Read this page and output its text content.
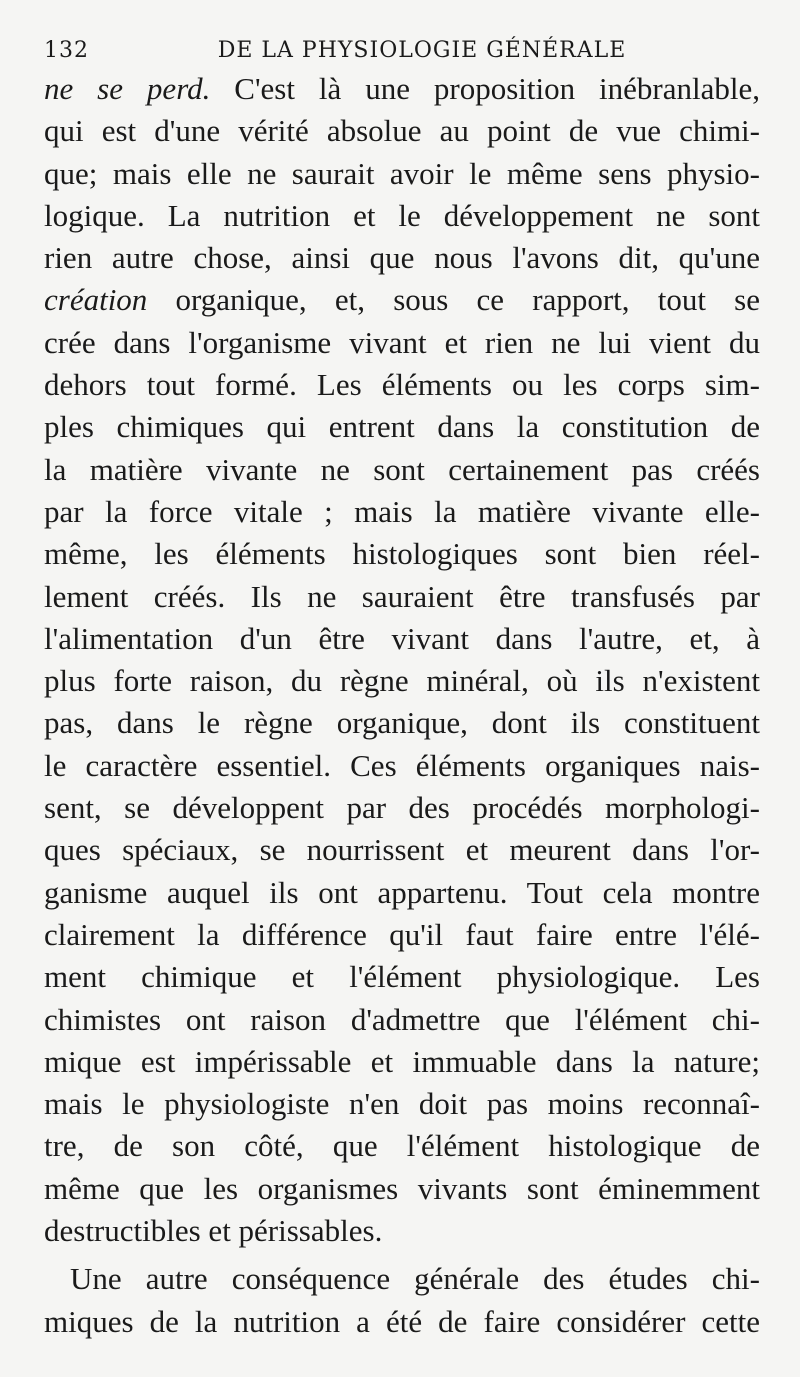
132	DE LA PHYSIOLOGIE GÉNÉRALE
ne se perd. C'est là une proposition inébranlable,
qui est d'une vérité absolue au point de vue chimi-
que; mais elle ne saurait avoir le même sens physio-
logique. La nutrition et le développement ne sont
rien autre chose, ainsi que nous l'avons dit, qu'une
création organique, et, sous ce rapport, tout se
crée dans l'organisme vivant et rien ne lui vient du
dehors tout formé. Les éléments ou les corps sim-
ples chimiques qui entrent dans la constitution de
la matière vivante ne sont certainement pas créés
par la force vitale ; mais la matière vivante elle-
même, les éléments histologiques sont bien réel-
lement créés. Ils ne sauraient être transfusés par
l'alimentation d'un être vivant dans l'autre, et, à
plus forte raison, du règne minéral, où ils n'existent
pas, dans le règne organique, dont ils constituent
le caractère essentiel. Ces éléments organiques nais-
sent, se développent par des procédés morphologi-
ques spéciaux, se nourrissent et meurent dans l'or-
ganisme auquel ils ont appartenu. Tout cela montre
clairement la différence qu'il faut faire entre l'élé-
ment chimique et l'élément physiologique. Les
chimistes ont raison d'admettre que l'élément chi-
mique est impérissable et immuable dans la nature;
mais le physiologiste n'en doit pas moins reconnaî-
tre, de son côté, que l'élément histologique de
même que les organismes vivants sont éminemment
destructibles et périssables.
Une autre conséquence générale des études chi-
miques de la nutrition a été de faire considérer cette
